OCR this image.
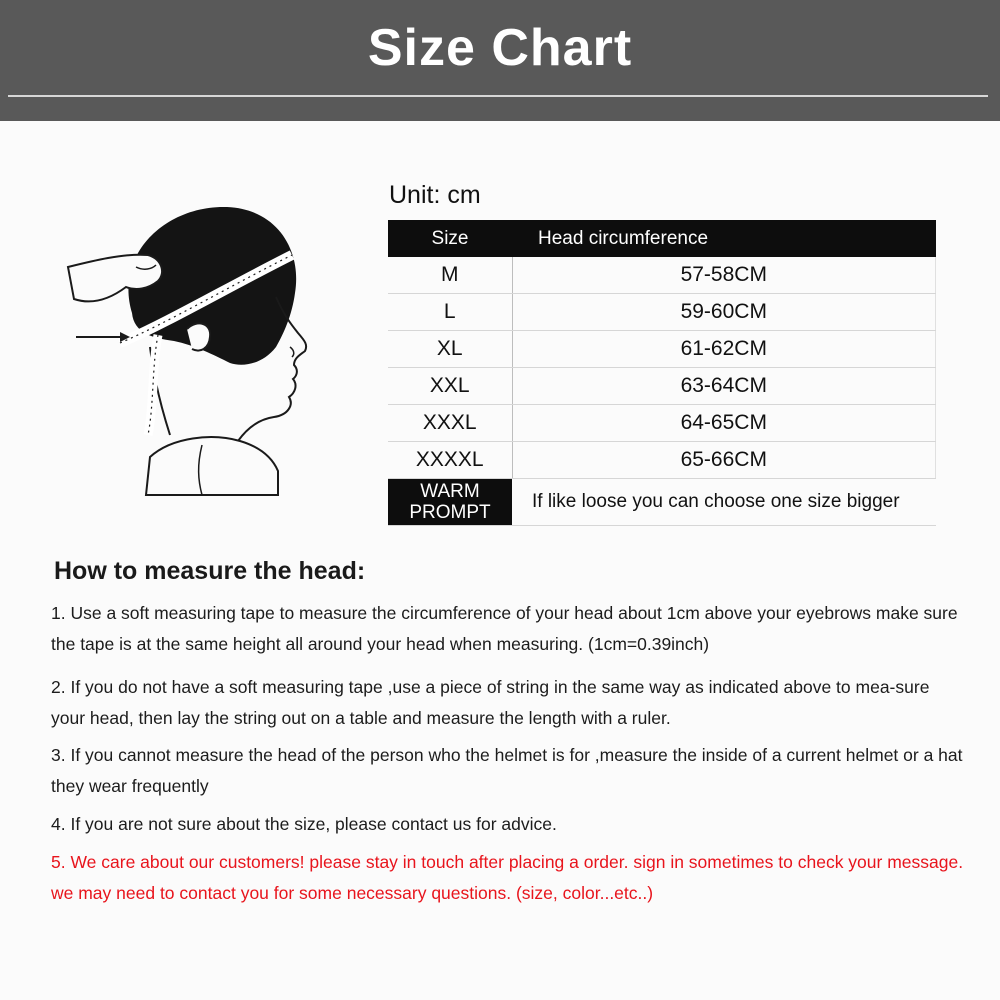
Size Chart
Unit: cm
Size	Head circumference
M	57-58CM
L	59-60CM
XL	61-62CM
XXL	63-64CM
XXXL	64-65CM
XXXXL	65-66CM
WARM
PROMPT	If like loose you can choose one size bigger
How to measure the head:
1. Use a soft measuring tape to measure the circumference of your head about 1cm above your eyebrows make sure the tape is at the same height all around your head when measuring. (1cm=0.39inch)
2. If you do not have a soft measuring tape ,use a piece of string in the same way as indicated above to mea-sure your head, then lay the string out on a table and measure the length with a ruler.
3. If you cannot measure the head of the person who the helmet is for ,measure the inside of a current helmet or a hat they wear frequently
4. If you are not sure about the size, please contact us for advice.
5. We care about our customers! please stay in touch after placing a order. sign in sometimes to check your message. we may need to contact you for some necessary questions. (size, color...etc..)
